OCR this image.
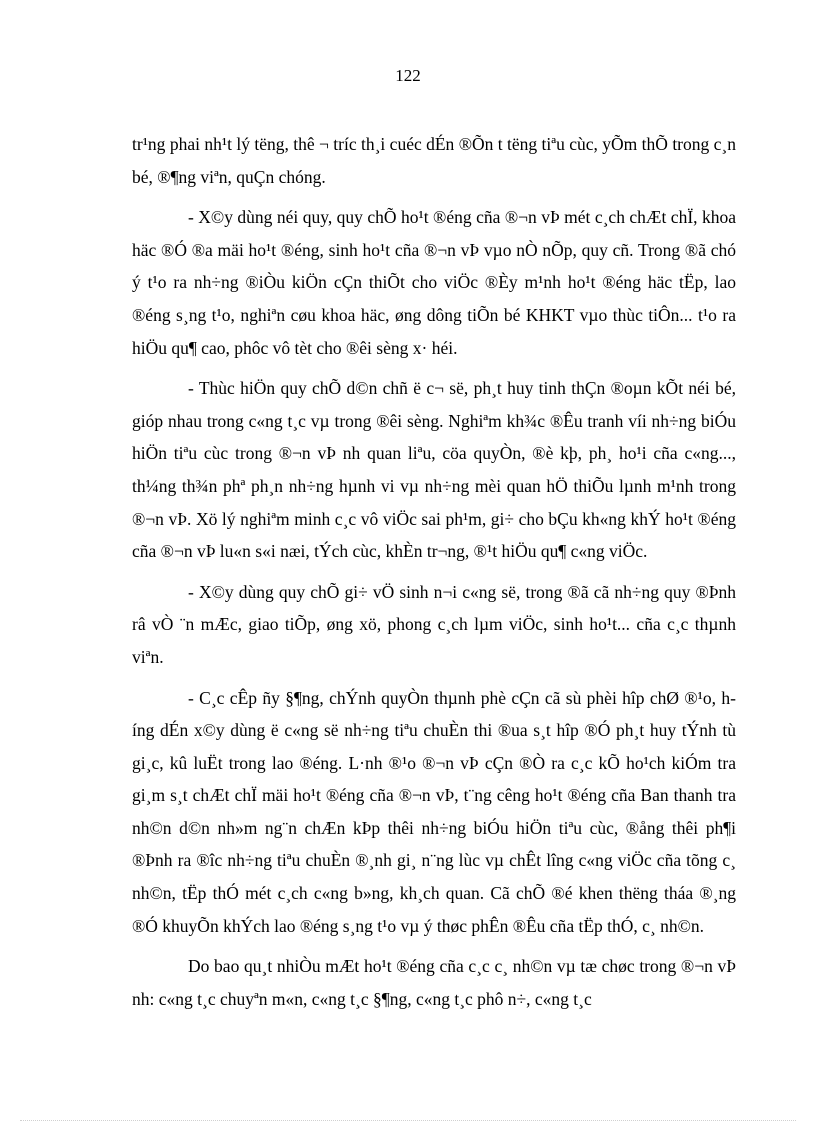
122

tr¹ng phai nh¹t lý tëng, thê ¬ tríc th¸i cuéc dÉn ®Õn t tëng tiªu cùc, yÕm thÕ trong c¸n bé, ®¶ng viªn, quÇn chóng.

- X©y dùng néi quy, quy chÕ ho¹t ®éng cña ®¬n vÞ mét c¸ch chÆt chÏ, khoa häc ®Ó ®a mäi ho¹t ®éng, sinh ho¹t cña ®¬n vÞ vµo nÒ nÕp, quy cñ. Trong ®ã chó ý t¹o ra nh÷ng ®iÒu kiÖn cÇn thiÕt cho viÖc ®Èy m¹nh ho¹t ®éng häc tËp, lao ®éng s¸ng t¹o, nghiªn cøu khoa häc, øng dông tiÕn bé KHKT vµo thùc tiÔn... t¹o ra hiÖu qu¶ cao, phôc vô tèt cho ®êi sèng x· héi.

- Thùc hiÖn quy chÕ d©n chñ ë c¬ së, ph¸t huy tinh thÇn ®oµn kÕt néi bé, gióp nhau trong c«ng t¸c vµ trong ®êi sèng. Nghiªm kh¾c ®Êu tranh víi nh÷ng biÓu hiÖn tiªu cùc trong ®¬n vÞ nh quan liªu, cöa quyÒn, ®è kþ, ph¸ ho¹i cña c«ng..., th¼ng th¾n phª ph¸n nh÷ng hµnh vi vµ nh÷ng mèi quan hÖ thiÕu lµnh m¹nh trong ®¬n vÞ. Xö lý nghiªm minh c¸c vô viÖc sai ph¹m, gi÷ cho bÇu kh«ng khÝ ho¹t ®éng cña ®¬n vÞ lu«n s«i næi, tÝch cùc, khÈn tr¬ng, ®¹t hiÖu qu¶ c«ng viÖc.

- X©y dùng quy chÕ gi÷ vÖ sinh n¬i c«ng së, trong ®ã cã nh÷ng quy ®Þnh râ vÒ ¨n mÆc, giao tiÕp, øng xö, phong c¸ch lµm viÖc, sinh ho¹t... cña c¸c thµnh viªn.

- C¸c cÊp ñy §¶ng, chÝnh quyÒn thµnh phè cÇn cã sù phèi hîp chØ ®¹o, híng dÉn x©y dùng ë c«ng së nh÷ng tiªu chuÈn thi ®ua s¸t hîp ®Ó ph¸t huy tÝnh tù gi¸c, kû luËt trong lao ®éng. L·nh ®¹o ®¬n vÞ cÇn ®Ò ra c¸c kÕ ho¹ch kiÓm tra gi¸m s¸t chÆt chÏ mäi ho¹t ®éng cña ®¬n vÞ, t¨ng cêng ho¹t ®éng cña Ban thanh tra nh©n d©n nh»m ng¨n chÆn kÞp thêi nh÷ng biÓu hiÖn tiªu cùc, ®ång thêi ph¶i ®Þnh ra ®îc nh÷ng tiªu chuÈn ®¸nh gi¸ n¨ng lùc vµ chÊt lîng c«ng viÖc cña tõng c¸ nh©n, tËp thÓ mét c¸ch c«ng b»ng, kh¸ch quan. Cã chÕ ®é khen thëng tháa ®¸ng ®Ó khuyÕn khÝch lao ®éng s¸ng t¹o vµ ý thøc phÊn ®Êu cña tËp thÓ, c¸ nh©n.

Do bao qu¸t nhiÒu mÆt ho¹t ®éng cña c¸c c¸ nh©n vµ tæ chøc trong ®¬n vÞ nh: c«ng t¸c chuyªn m«n, c«ng t¸c §¶ng, c«ng t¸c phô n÷, c«ng t¸c
